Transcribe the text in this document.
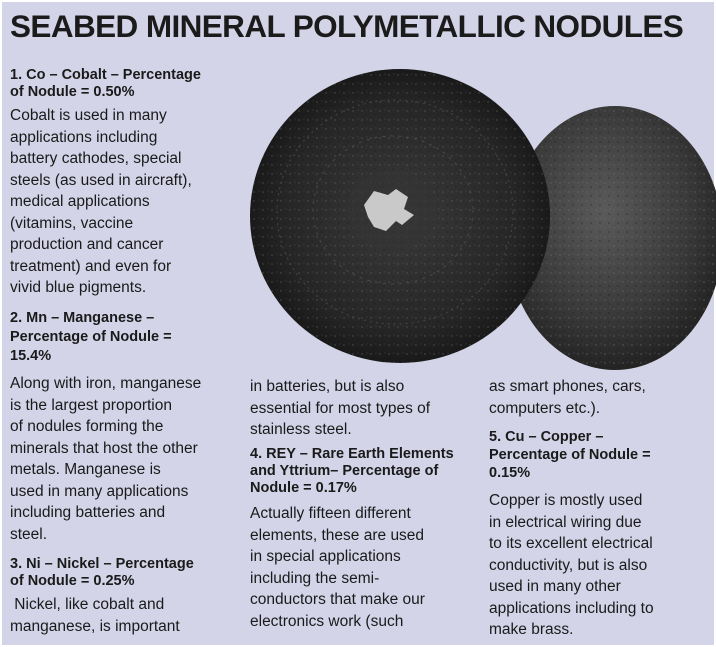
SEABED MINERAL POLYMETALLIC NODULES
1. Co – Cobalt – Percentage
of Nodule = 0.50%
Cobalt is used in many
applications including
battery cathodes, special
steels (as used in aircraft),
medical applications
(vitamins, vaccine
production and cancer
treatment) and even for
vivid blue pigments.
2. Mn – Manganese –
Percentage of Nodule =
15.4%
Along with iron, manganese
is the largest proportion
of nodules forming the
minerals that host the other
metals. Manganese is
used in many applications
including batteries and
steel.
3. Ni – Nickel – Percentage
of Nodule = 0.25%
Nickel, like cobalt and
manganese, is important
in batteries, but is also
essential for most types of
stainless steel.
4. REY – Rare Earth Elements
and Yttrium– Percentage of
Nodule = 0.17%
Actually fifteen different
elements, these are used
in special applications
including the semi-
conductors that make our
electronics work (such
as smart phones, cars,
computers etc.).
5. Cu – Copper –
Percentage of Nodule =
0.15%
Copper is mostly used
in electrical wiring due
to its excellent electrical
conductivity, but is also
used in many other
applications including to
make brass.
